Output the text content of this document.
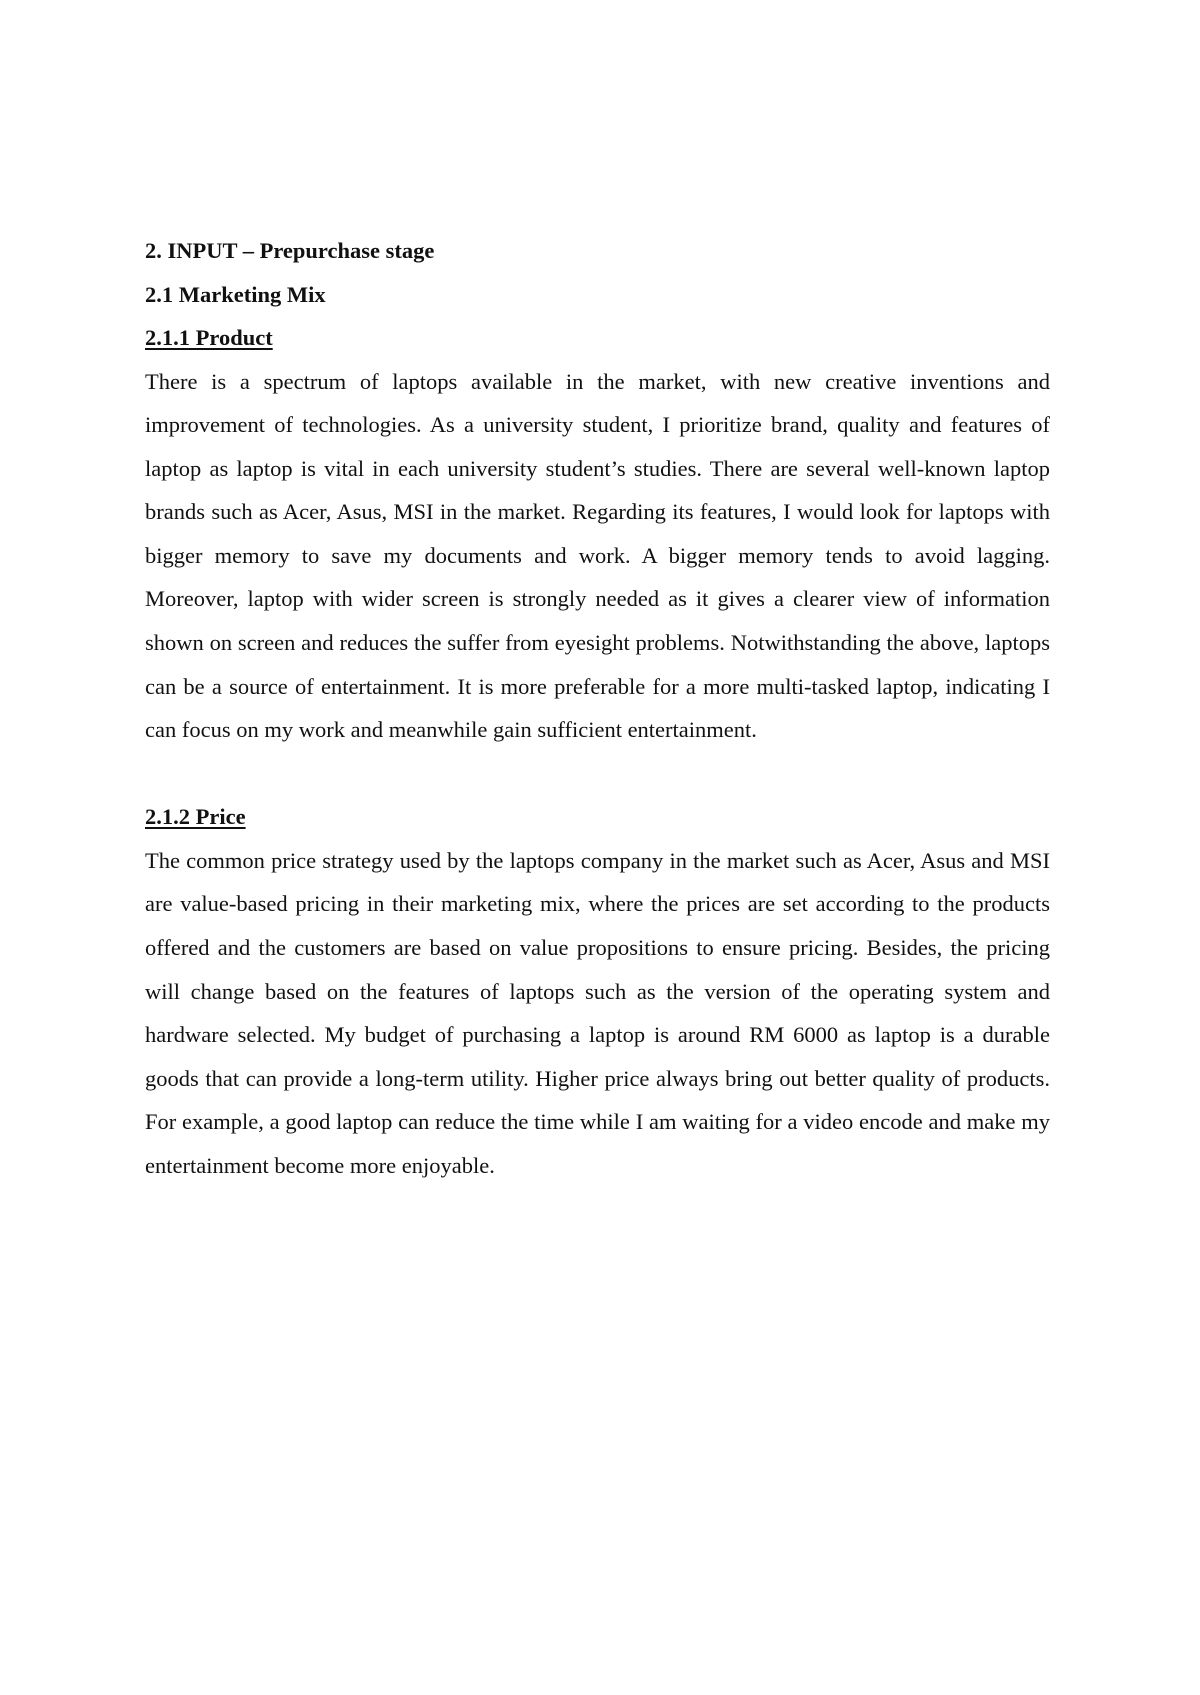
2. INPUT – Prepurchase stage

2.1 Marketing Mix

2.1.1 Product

There is a spectrum of laptops available in the market, with new creative inventions and improvement of technologies. As a university student, I prioritize brand, quality and features of laptop as laptop is vital in each university student’s studies. There are several well-known laptop brands such as Acer, Asus, MSI in the market. Regarding its features, I would look for laptops with bigger memory to save my documents and work. A bigger memory tends to avoid lagging. Moreover, laptop with wider screen is strongly needed as it gives a clearer view of information shown on screen and reduces the suffer from eyesight problems. Notwithstanding the above, laptops can be a source of entertainment. It is more preferable for a more multi-tasked laptop, indicating I can focus on my work and meanwhile gain sufficient entertainment.

2.1.2 Price

The common price strategy used by the laptops company in the market such as Acer, Asus and MSI are value-based pricing in their marketing mix, where the prices are set according to the products offered and the customers are based on value propositions to ensure pricing. Besides, the pricing will change based on the features of laptops such as the version of the operating system and hardware selected. My budget of purchasing a laptop is around RM 6000 as laptop is a durable goods that can provide a long-term utility. Higher price always bring out better quality of products. For example, a good laptop can reduce the time while I am waiting for a video encode and make my entertainment become more enjoyable.
